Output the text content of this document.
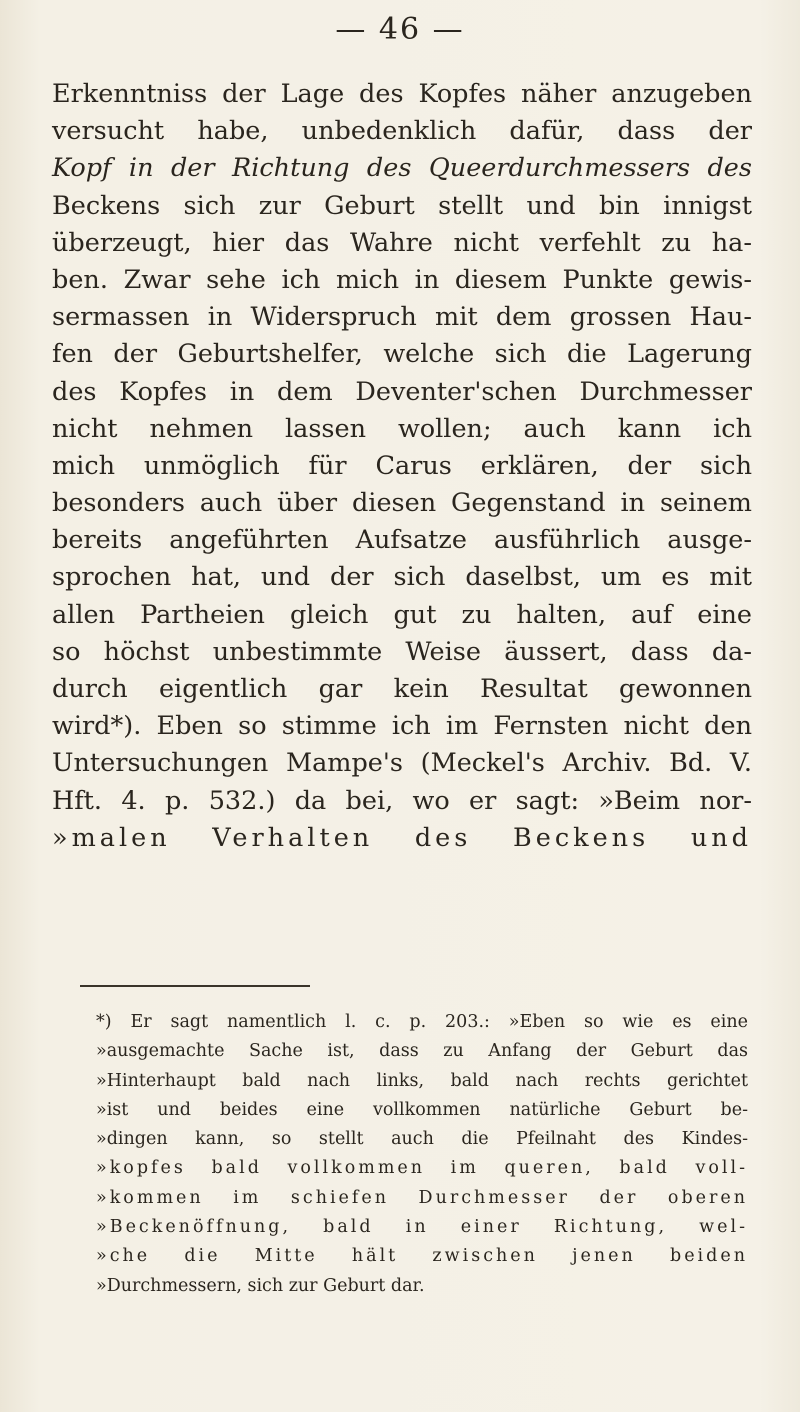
— 46 —
Erkenntniss der Lage des Kopfes näher anzugeben
versucht habe, unbedenklich dafür, dass der
Kopf in der Richtung des Queerdurchmessers des
Beckens sich zur Geburt stellt und bin innigst
überzeugt, hier das Wahre nicht verfehlt zu ha-
ben. Zwar sehe ich mich in diesem Punkte gewis-
sermassen in Widerspruch mit dem grossen Hau-
fen der Geburtshelfer, welche sich die Lagerung
des Kopfes in dem Deventer'schen Durchmesser
nicht nehmen lassen wollen; auch kann ich
mich unmöglich für Carus erklären, der sich
besonders auch über diesen Gegenstand in seinem
bereits angeführten Aufsatze ausführlich ausge-
sprochen hat, und der sich daselbst, um es mit
allen Partheien gleich gut zu halten, auf eine
so höchst unbestimmte Weise äussert, dass da-
durch eigentlich gar kein Resultat gewonnen
wird*). Eben so stimme ich im Fernsten nicht den
Untersuchungen Mampe's (Meckel's Archiv. Bd. V.
Hft. 4. p. 532.) da bei, wo er sagt: »Beim nor-
»malen Verhalten des Beckens und
*) Er sagt namentlich l. c. p. 203.: »Eben so wie es eine
»ausgemachte Sache ist, dass zu Anfang der Geburt das
»Hinterhaupt bald nach links, bald nach rechts gerichtet
»ist und beides eine vollkommen natürliche Geburt be-
»dingen kann, so stellt auch die Pfeilnaht des Kindes-
»kopfes bald vollkommen im queren, bald voll-
»kommen im schiefen Durchmesser der oberen
»Beckenöffnung, bald in einer Richtung, wel-
»che die Mitte hält zwischen jenen beiden
»Durchmessern, sich zur Geburt dar.
